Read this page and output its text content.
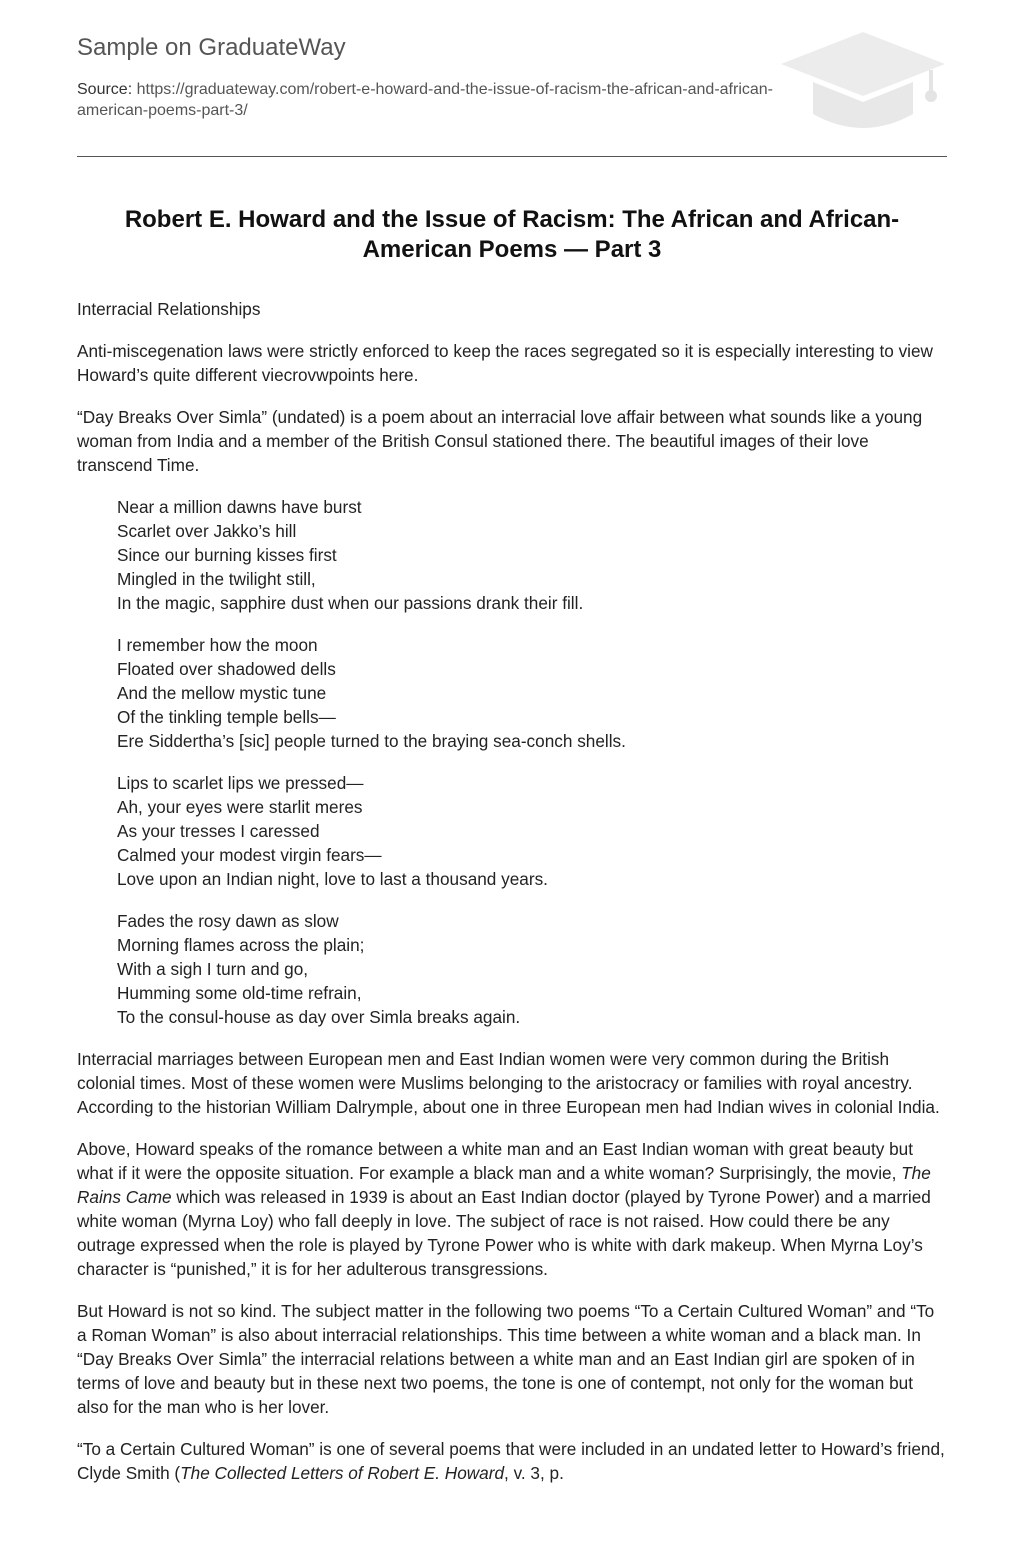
Sample on GraduateWay
Source: https://graduateway.com/robert-e-howard-and-the-issue-of-racism-the-african-and-african-american-poems-part-3/
Robert E. Howard and the Issue of Racism: The African and African-American Poems — Part 3

Interracial Relationships

Anti-miscegenation laws were strictly enforced to keep the races segregated so it is especially interesting to view Howard’s quite different viecrovwpoints here.

“Day Breaks Over Simla” (undated) is a poem about an interracial love affair between what sounds like a young woman from India and a member of the British Consul stationed there. The beautiful images of their love transcend Time.

Near a million dawns have burst
Scarlet over Jakko’s hill
Since our burning kisses first
Mingled in the twilight still,
In the magic, sapphire dust when our passions drank their fill.
I remember how the moon
Floated over shadowed dells
And the mellow mystic tune
Of the tinkling temple bells—
Ere Siddertha’s [sic] people turned to the braying sea-conch shells.
Lips to scarlet lips we pressed—
Ah, your eyes were starlit meres
As your tresses I caressed
Calmed your modest virgin fears—
Love upon an Indian night, love to last a thousand years.
Fades the rosy dawn as slow
Morning flames across the plain;
With a sigh I turn and go,
Humming some old-time refrain,
To the consul-house as day over Simla breaks again.

Interracial marriages between European men and East Indian women were very common during the British colonial times. Most of these women were Muslims belonging to the aristocracy or families with royal ancestry. According to the historian William Dalrymple, about one in three European men had Indian wives in colonial India.

Above, Howard speaks of the romance between a white man and an East Indian woman with great beauty but what if it were the opposite situation. For example a black man and a white woman? Surprisingly, the movie, The Rains Came which was released in 1939 is about an East Indian doctor (played by Tyrone Power) and a married white woman (Myrna Loy) who fall deeply in love. The subject of race is not raised. How could there be any outrage expressed when the role is played by Tyrone Power who is white with dark makeup. When Myrna Loy’s character is “punished,” it is for her adulterous transgressions.

But Howard is not so kind. The subject matter in the following two poems “To a Certain Cultured Woman” and “To a Roman Woman” is also about interracial relationships. This time between a white woman and a black man. In “Day Breaks Over Simla” the interracial relations between a white man and an East Indian girl are spoken of in terms of love and beauty but in these next two poems, the tone is one of contempt, not only for the woman but also for the man who is her lover.

“To a Certain Cultured Woman” is one of several poems that were included in an undated letter to Howard’s friend, Clyde Smith (The Collected Letters of Robert E. Howard, v. 3, p.
